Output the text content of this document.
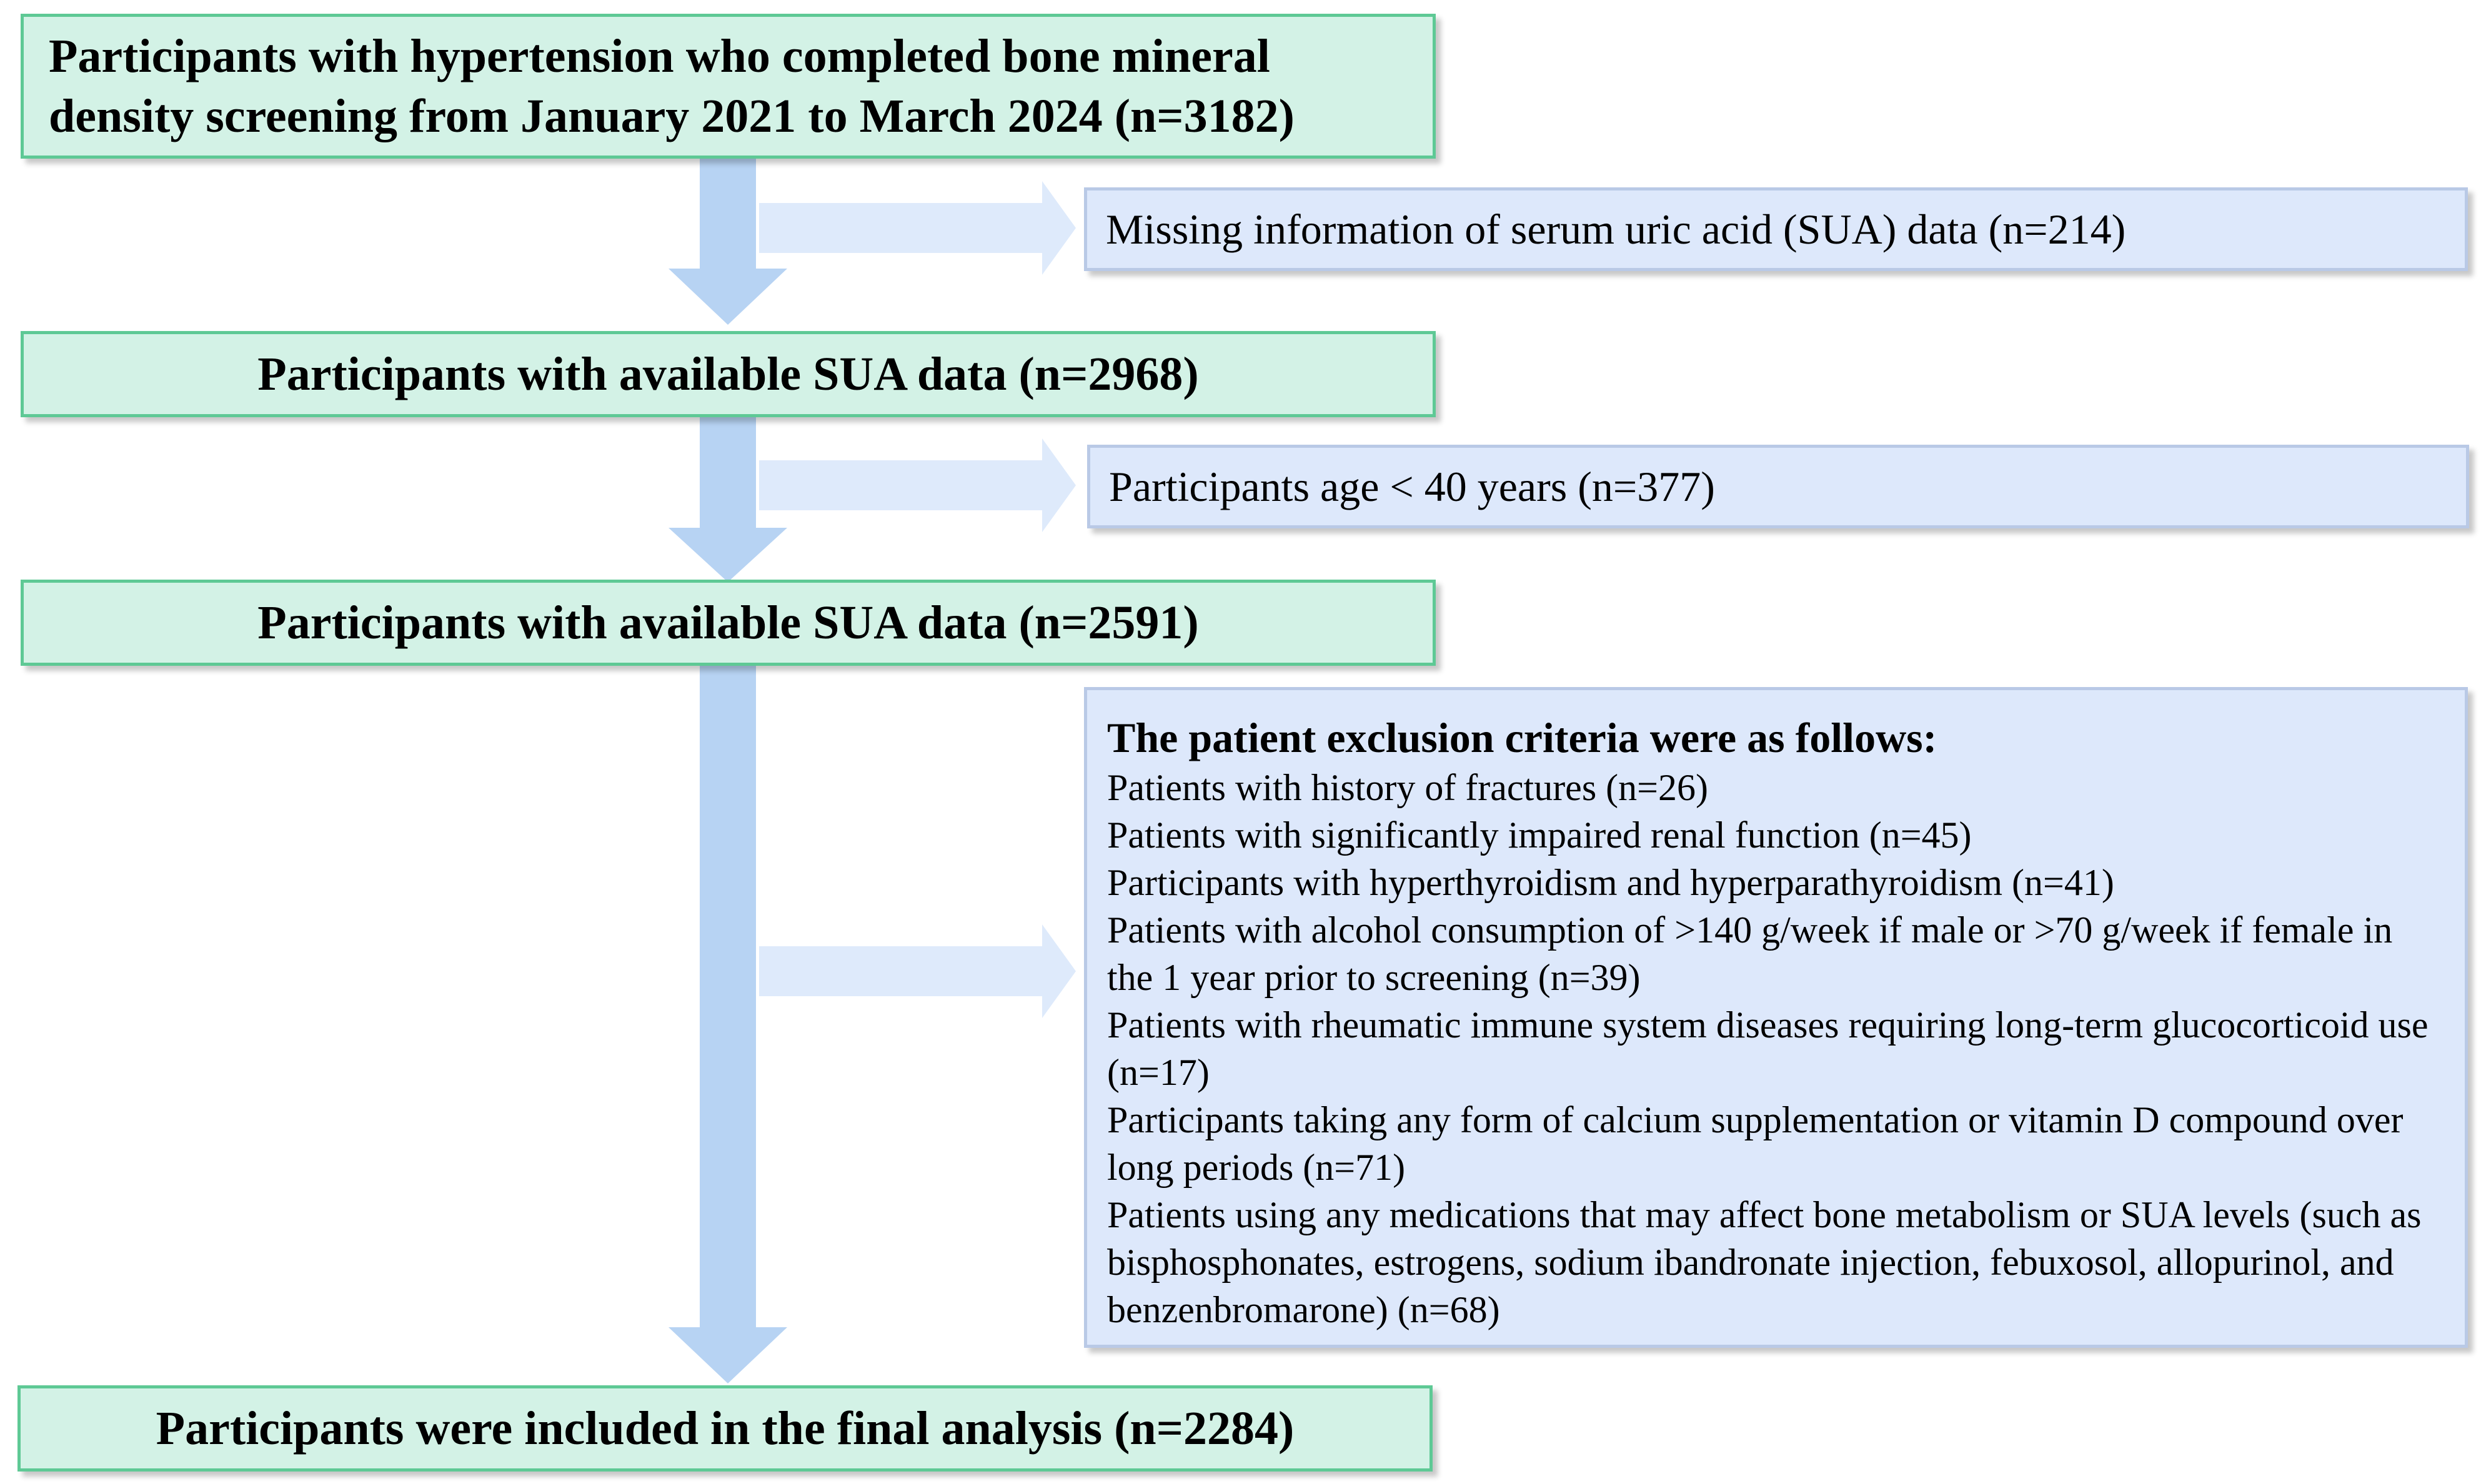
Participants with hypertension who completed bone mineral density screening from January 2021 to March 2024 (n=3182)
Missing information of serum uric acid (SUA) data (n=214)
Participants with available SUA data (n=2968)
Participants age < 40 years (n=377)
Participants with available SUA data (n=2591)
The patient exclusion criteria were as follows:
Patients with history of fractures (n=26)
Patients with significantly impaired renal function (n=45)
Participants with hyperthyroidism and hyperparathyroidism (n=41)
Patients with alcohol consumption of >140 g/week if male or >70 g/week if female in the 1 year prior to screening (n=39)
Patients with rheumatic immune system diseases requiring long-term glucocorticoid use (n=17)
Participants taking any form of calcium supplementation or vitamin D compound over long periods (n=71)
Patients using any medications that may affect bone metabolism or SUA levels (such as bisphosphonates, estrogens, sodium ibandronate injection, febuxosol, allopurinol, and benzenbromarone) (n=68)
Participants were included in the final analysis (n=2284)
